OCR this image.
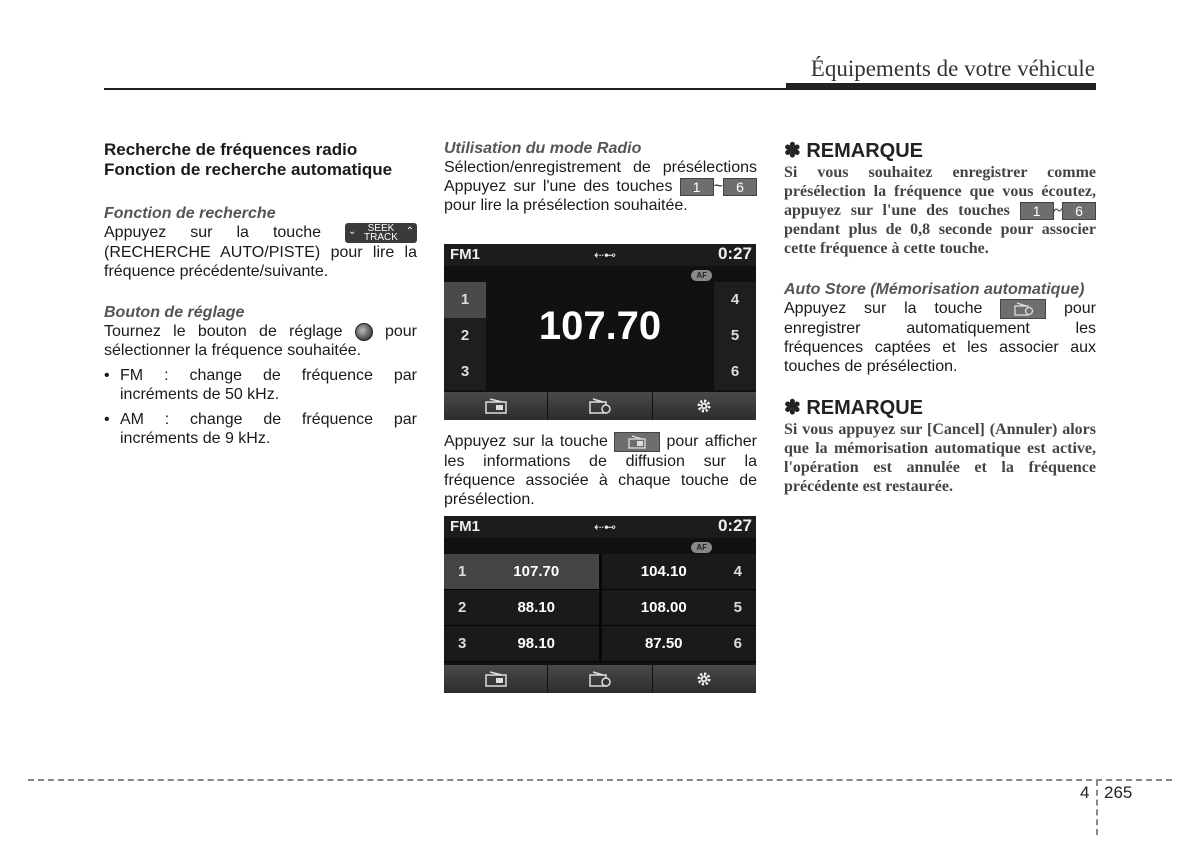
Équipements de votre véhicule

Recherche de fréquences radio Fonction de recherche automatique

Fonction de recherche

Appuyez sur la touche	⌄	SEEK
TRACK
⌃
(RECHERCHE AUTO/PISTE) pour lire la fréquence précédente/suivante.

Bouton de réglage

Tournez le bouton de réglage	pour sélectionner la fréquence souhaitée.

• FM : change de fréquence par incréments de 50 kHz.
• AM : change de fréquence par incréments de 9 kHz.

Utilisation du mode Radio

Sélection/enregistrement de présélections Appuyez sur l'une des touches 1 ~ 6 pour lire la présélection souhaitée.

FM1	⇠⊷	0:27
AF
1
2
3
107.70
4
5
6

Appuyez sur la touche	pour afficher les informations de diffusion sur la fréquence associée à chaque touche de présélection.

FM1	⇠⊷	0:27
AF
1	107.70	104.10	4
2	88.10	108.00	5
3	98.10	87.50	6

✽ REMARQUE

Si vous souhaitez enregistrer comme présélection la fréquence que vous écoutez, appuyez sur l'une des touches 1 ~ 6 pendant plus de 0,8 seconde pour associer cette fréquence à cette touche.

Auto Store (Mémorisation automatique)

Appuyez sur la touche	pour enregistrer automatiquement les fréquences captées et les associer aux touches de présélection.

✽ REMARQUE

Si vous appuyez sur [Cancel] (Annuler) alors que la mémorisation automatique est active, l'opération est annulée et la fréquence précédente est restaurée.

4 265
